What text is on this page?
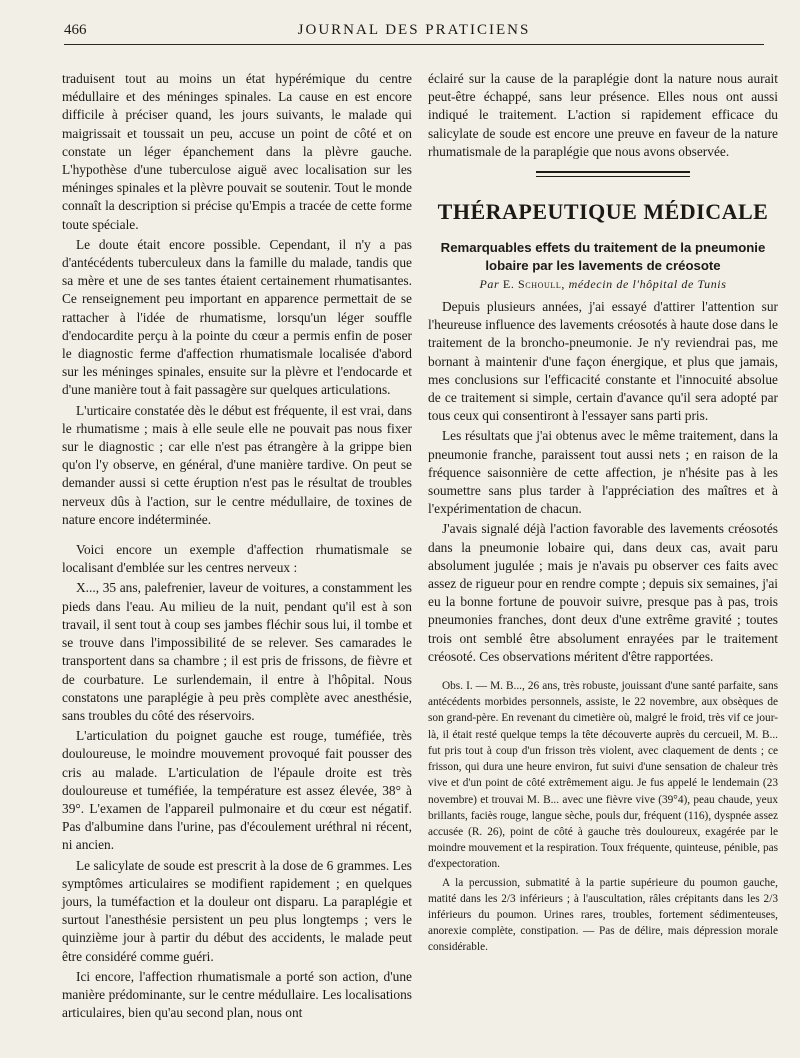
466	JOURNAL DES PRATICIENS

traduisent tout au moins un état hypérémique du centre médullaire et des méninges spinales. La cause en est encore difficile à préciser quand, les jours suivants, le malade qui maigrissait et toussait un peu, accuse un point de côté et on constate un léger épanchement dans la plèvre gauche. L'hypothèse d'une tuberculose aiguë avec localisation sur les méninges spinales et la plèvre pouvait se soutenir. Tout le monde connaît la description si précise qu'Empis a tracée de cette forme toute spéciale.

Le doute était encore possible. Cependant, il n'y a pas d'antécédents tuberculeux dans la famille du malade, tandis que sa mère et une de ses tantes étaient certainement rhumatisantes. Ce renseignement peu important en apparence permettait de se rattacher à l'idée de rhumatisme, lorsqu'un léger souffle d'endocardite perçu à la pointe du cœur a permis enfin de poser le diagnostic ferme d'affection rhumatismale localisée d'abord sur les méninges spinales, ensuite sur la plèvre et l'endocarde et d'une manière tout à fait passagère sur quelques articulations.

L'urticaire constatée dès le début est fréquente, il est vrai, dans le rhumatisme ; mais à elle seule elle ne pouvait pas nous fixer sur le diagnostic ; car elle n'est pas étrangère à la grippe bien qu'on l'y observe, en général, d'une manière tardive. On peut se demander aussi si cette éruption n'est pas le résultat de troubles nerveux dûs à l'action, sur le centre médullaire, de toxines de nature encore indéterminée.

Voici encore un exemple d'affection rhumatismale se localisant d'emblée sur les centres nerveux :

X..., 35 ans, palefrenier, laveur de voitures, a constamment les pieds dans l'eau. Au milieu de la nuit, pendant qu'il est à son travail, il sent tout à coup ses jambes fléchir sous lui, il tombe et se trouve dans l'impossibilité de se relever. Ses camarades le transportent dans sa chambre ; il est pris de frissons, de fièvre et de courbature. Le surlendemain, il entre à l'hôpital. Nous constatons une paraplégie à peu près complète avec anesthésie, sans troubles du côté des réservoirs.

L'articulation du poignet gauche est rouge, tuméfiée, très douloureuse, le moindre mouvement provoqué fait pousser des cris au malade. L'articulation de l'épaule droite est très douloureuse et tuméfiée, la température est assez élevée, 38° à 39°. L'examen de l'appareil pulmonaire et du cœur est négatif. Pas d'albumine dans l'urine, pas d'écoulement uréthral ni récent, ni ancien.

Le salicylate de soude est prescrit à la dose de 6 grammes. Les symptômes articulaires se modifient rapidement ; en quelques jours, la tuméfaction et la douleur ont disparu. La paraplégie et surtout l'anesthésie persistent un peu plus longtemps ; vers le quinzième jour à partir du début des accidents, le malade peut être considéré comme guéri.

Ici encore, l'affection rhumatismale a porté son action, d'une manière prédominante, sur le centre médullaire. Les localisations articulaires, bien qu'au second plan, nous ont

éclairé sur la cause de la paraplégie dont la nature nous aurait peut-être échappé, sans leur présence. Elles nous ont aussi indiqué le traitement. L'action si rapidement efficace du salicylate de soude est encore une preuve en faveur de la nature rhumatismale de la paraplégie que nous avons observée.

THÉRAPEUTIQUE MÉDICALE
Remarquables effets du traitement de la pneumonie lobaire par les lavements de créosote
Par E. Schoull, médecin de l'hôpital de Tunis

Depuis plusieurs années, j'ai essayé d'attirer l'attention sur l'heureuse influence des lavements créosotés à haute dose dans le traitement de la broncho-pneumonie. Je n'y reviendrai pas, me bornant à maintenir d'une façon énergique, et plus que jamais, mes conclusions sur l'efficacité constante et l'innocuité absolue de ce traitement si simple, certain d'avance qu'il sera adopté par tous ceux qui consentiront à l'essayer sans parti pris.

Les résultats que j'ai obtenus avec le même traitement, dans la pneumonie franche, paraissent tout aussi nets ; en raison de la fréquence saisonnière de cette affection, je n'hésite pas à les soumettre sans plus tarder à l'appréciation des maîtres et à l'expérimentation de chacun.

J'avais signalé déjà l'action favorable des lavements créosotés dans la pneumonie lobaire qui, dans deux cas, avait paru absolument jugulée ; mais je n'avais pu observer ces faits avec assez de rigueur pour en rendre compte ; depuis six semaines, j'ai eu la bonne fortune de pouvoir suivre, presque pas à pas, trois pneumonies franches, dont deux d'une extrême gravité ; toutes trois ont semblé être absolument enrayées par le traitement créosoté. Ces observations méritent d'être rapportées.

Obs. I. — M. B..., 26 ans, très robuste, jouissant d'une santé parfaite, sans antécédents morbides personnels, assiste, le 22 novembre, aux obsèques de son grand-père. En revenant du cimetière où, malgré le froid, très vif ce jour-là, il était resté quelque temps la tête découverte auprès du cercueil, M. B... fut pris tout à coup d'un frisson très violent, avec claquement de dents ; ce frisson, qui dura une heure environ, fut suivi d'une sensation de chaleur très vive et d'un point de côté extrêmement aigu. Je fus appelé le lendemain (23 novembre) et trouvai M. B... avec une fièvre vive (39°4), peau chaude, yeux brillants, faciès rouge, langue sèche, pouls dur, fréquent (116), dyspnée assez accusée (R. 26), point de côté à gauche très douloureux, exagérée par le moindre mouvement et la respiration. Toux fréquente, quinteuse, pénible, pas d'expectoration.

A la percussion, submatité à la partie supérieure du poumon gauche, matité dans les 2/3 inférieurs ; à l'auscultation, râles crépitants dans les 2/3 inférieurs du poumon. Urines rares, troubles, fortement sédimenteuses, anorexie complète, constipation. — Pas de délire, mais dépression morale considérable.
